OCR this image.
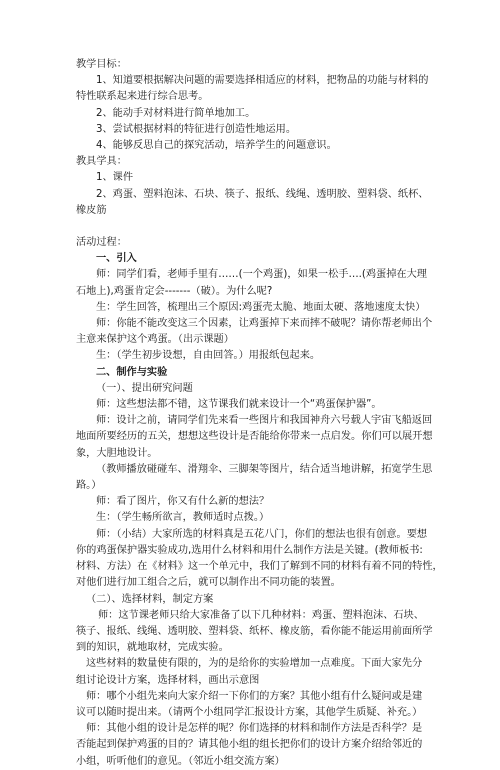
教学目标：
1、知道要根据解决问题的需要选择相适应的材料，把物品的功能与材料的
特性联系起来进行综合思考。
2、能动手对材料进行简单地加工。
3、尝试根据材料的特征进行创造性地运用。
4、能够反思自己的探究活动，培养学生的问题意识。
教具学具：
1、课件
2、鸡蛋、塑料泡沫、石块、筷子、报纸、线绳、透明胶、塑料袋、纸杯、
橡皮筋
活动过程：
一、引入
师：同学们看，老师手里有……(一个鸡蛋)，如果一松手….(鸡蛋掉在大理
石地上),鸡蛋肯定会-------（破）。为什么呢?
生：学生回答，梳理出三个原因:鸡蛋壳太脆、地面太硬、落地速度太快）
师：你能不能改变这三个因素，让鸡蛋掉下来而摔不破呢？请你帮老师出个
主意来保护这个鸡蛋。（出示课题）
生：（学生初步设想，自由回答。）用报纸包起来。
二、制作与实验
（一）、提出研究问题
师：这些想法都不错，这节课我们就来设计一个“鸡蛋保护器”。
师：设计之前，请同学们先来看一些图片和我国神舟六号载人宇宙飞船返回
地面所要经历的五关，想想这些设计是否能给你带来一点启发。你们可以展开想
象，大胆地设计。
（教师播放碰碰车、滑翔伞、三脚架等图片，结合适当地讲解，拓宽学生思
路。）
师：看了图片，你又有什么新的想法？
生：（学生畅所欲言，教师适时点拨。）
师：（小结）大家所选的材料真是五花八门，你们的想法也很有创意。要想
你的鸡蛋保护器实验成功,选用什么材料和用什么制作方法是关键。(教师板书:
材料、方法）在《材料》这一个单元中，我们了解到不同的材料有着不同的特性，
对他们进行加工组合之后，就可以制作出不同功能的装置。
（二）、选择材料，制定方案
师：这节课老师只给大家准备了以下几种材料：鸡蛋、塑料泡沫、石块、
筷子、报纸、线绳、透明胶、塑料袋、纸杯、橡皮筋，看你能不能运用前面所学
到的知识，就地取材，完成实验。
这些材料的数量使有限的，为的是给你的实验增加一点难度。下面大家先分
组讨论设计方案，选择材料，画出示意图
师：哪个小组先来向大家介绍一下你们的方案？其他小组有什么疑问或是建
议可以随时提出来。（请两个小组同学汇报设计方案，其他学生质疑、补充。）
师：其他小组的设计是怎样的呢？你们选择的材料和制作方法是否科学？是
否能起到保护鸡蛋的目的？请其他小组的组长把你们的设计方案介绍给邻近的
小组，听听他们的意见。（邻近小组交流方案）
